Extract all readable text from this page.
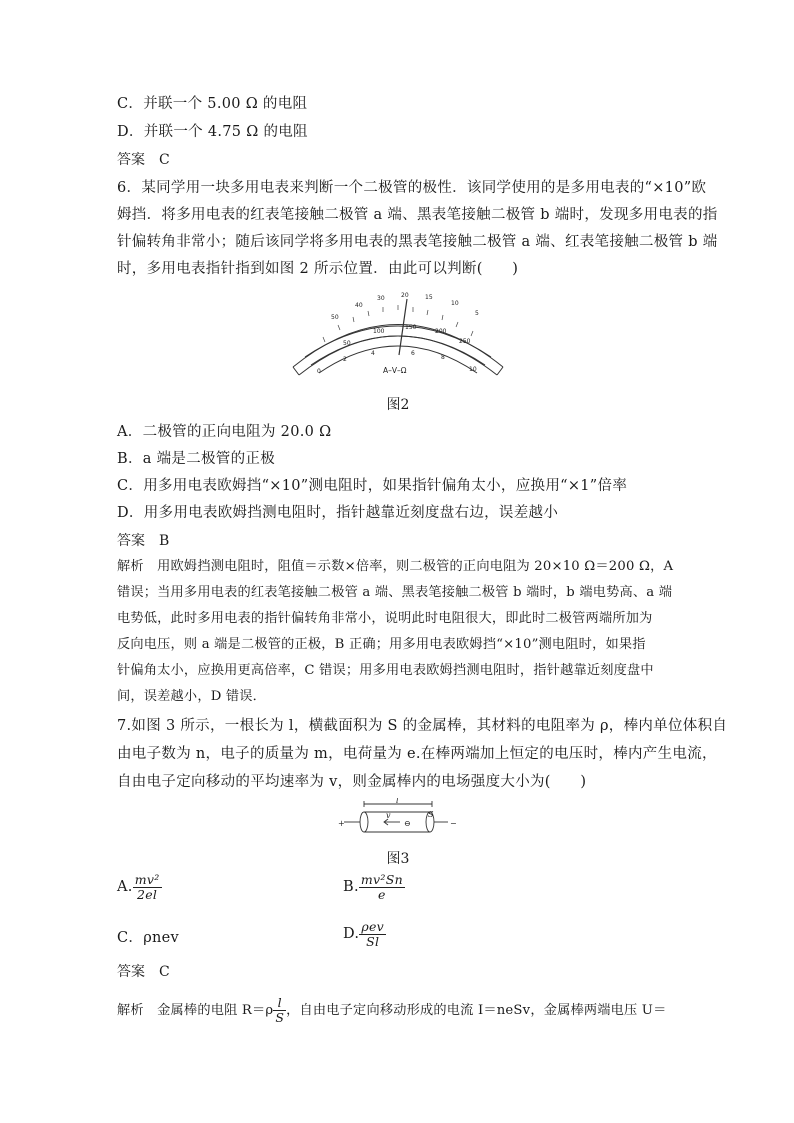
C．并联一个 5.00 Ω 的电阻
D．并联一个 4.75 Ω 的电阻
答案　C
6．某同学用一块多用电表来判断一个二极管的极性．该同学使用的是多用电表的“×10”欧
姆挡．将多用电表的红表笔接触二极管 a 端、黑表笔接触二极管 b 端时，发现多用电表的指
针偏转角非常小；随后该同学将多用电表的黑表笔接触二极管 a 端、红表笔接触二极管 b 端
时，多用电表指针指到如图 2 所示位置．由此可以判断(　　)
50
40
30	20	15
10
5
50
100
150
200
250
0
2
4	6
8
10
A–V–Ω
图2
A．二极管的正向电阻为 20.0 Ω
B．a 端是二极管的正极
C．用多用电表欧姆挡“×10”测电阻时，如果指针偏角太小，应换用“×1”倍率
D．用多用电表欧姆挡测电阻时，指针越靠近刻度盘右边，误差越小
答案　B
解析　用欧姆挡测电阻时，阻值＝示数×倍率，则二极管的正向电阻为 20×10 Ω＝200 Ω，A
错误；当用多用电表的红表笔接触二极管 a 端、黑表笔接触二极管 b 端时，b 端电势高、a 端
电势低，此时多用电表的指针偏转角非常小，说明此时电阻很大，即此时二极管两端所加为
反向电压，则 a 端是二极管的正极，B 正确；用多用电表欧姆挡“×10”测电阻时，如果指
针偏角太小，应换用更高倍率，C 错误；用多用电表欧姆挡测电阻时，指针越靠近刻度盘中
间，误差越小，D 错误．
7.如图 3 所示，一根长为 l，横截面积为 S 的金属棒，其材料的电阻率为 ρ，棒内单位体积自
由电子数为 n，电子的质量为 m，电荷量为 e.在棒两端加上恒定的电压时，棒内产生电流，
自由电子定向移动的平均速率为 v，则金属棒内的电场强度大小为(　　)
l
v
⊖
S
+	−
图3
A. $\frac{\text{mv²}}{2el}$	B. $\frac{\text{mv²Sn}}{e}$
C．ρnev	D. $\frac{\text{ρev}}{Sl}$
答案　C
解析　金属棒的电阻 $R=\rho \frac{l}{S}$ ，自由电子定向移动形成的电流 I＝neSv，金属棒两端电压 U＝
